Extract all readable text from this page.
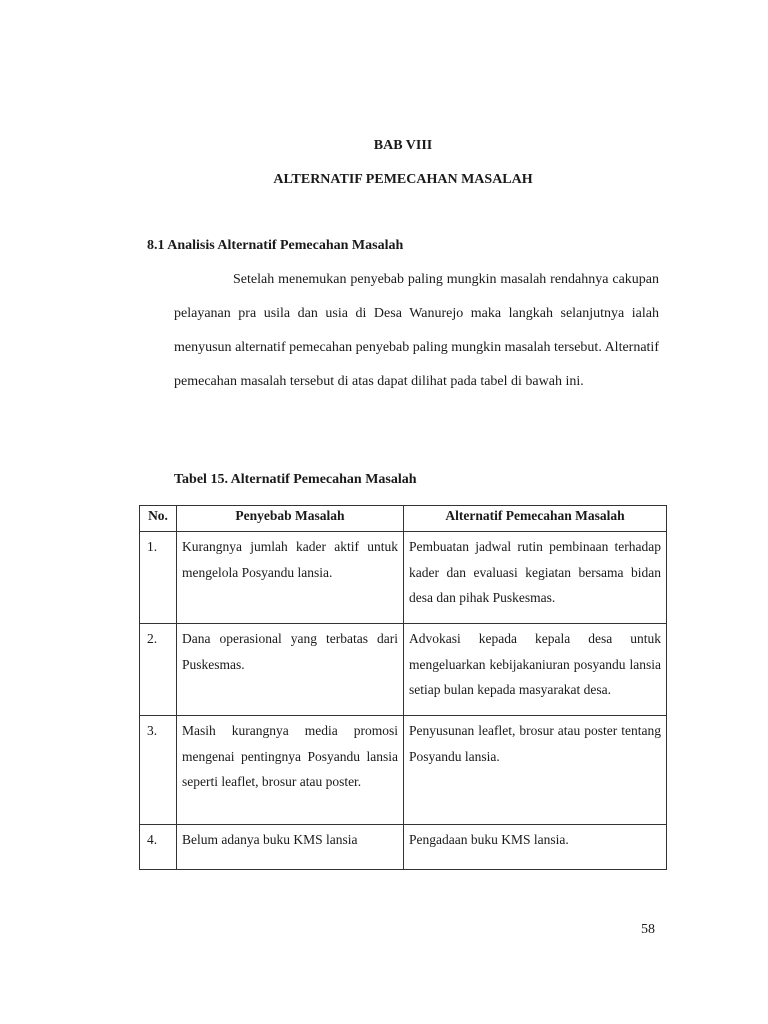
BAB VIII
ALTERNATIF PEMECAHAN MASALAH
8.1 Analisis Alternatif Pemecahan Masalah

Setelah menemukan penyebab paling mungkin masalah rendahnya cakupan pelayanan pra usila dan usia di Desa Wanurejo maka langkah selanjutnya ialah menyusun alternatif pemecahan penyebab paling mungkin masalah tersebut. Alternatif pemecahan masalah tersebut di atas dapat dilihat pada tabel di bawah ini.

Tabel 15. Alternatif Pemecahan Masalah
No.	Penyebab Masalah	Alternatif Pemecahan Masalah
1.	Kurangnya jumlah kader aktif untuk mengelola Posyandu lansia.	Pembuatan jadwal rutin pembinaan terhadap kader dan evaluasi kegiatan bersama bidan desa dan pihak Puskesmas.
2.	Dana operasional yang terbatas dari Puskesmas.	Advokasi kepada kepala desa untuk mengeluarkan kebijakaniuran posyandu lansia setiap bulan kepada masyarakat desa.
3.	Masih kurangnya media promosi mengenai pentingnya Posyandu lansia seperti leaflet, brosur atau poster.	Penyusunan leaflet, brosur atau poster tentang Posyandu lansia.
4.	Belum adanya buku KMS lansia	Pengadaan buku KMS lansia.
58
